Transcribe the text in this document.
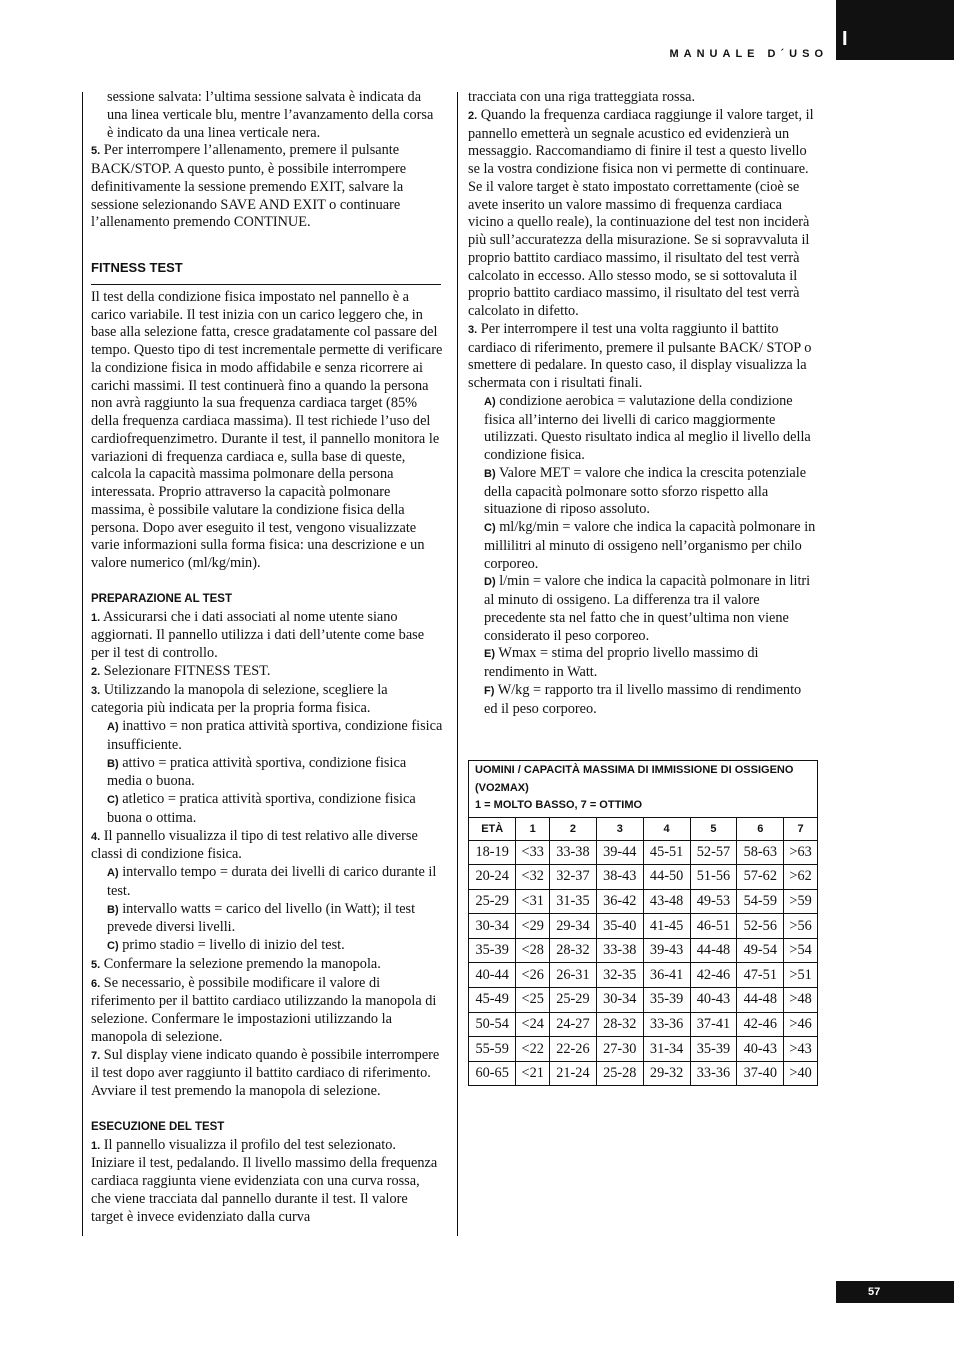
I
MANUALE D´USO

sessione salvata: l’ultima sessione salvata è indicata da una linea verticale blu, mentre l’avanzamento della corsa è indicato da una linea verticale nera.

5. Per interrompere l’allenamento, premere il pulsante BACK/STOP. A questo punto, è possibile interrompere definitivamente la sessione premendo EXIT, salvare la sessione selezionando SAVE AND EXIT o continuare l’allenamento premendo CONTINUE.

FITNESS TEST

Il test della condizione fisica impostato nel pannello è a carico variabile. Il test inizia con un carico leggero che, in base alla selezione fatta, cresce gradatamente col passare del tempo. Questo tipo di test incrementale permette di verificare la condizione fisica in modo affidabile e senza ricorrere ai carichi massimi. Il test continuerà fino a quando la persona non avrà raggiunto la sua frequenza cardiaca target (85% della frequenza cardiaca massima). Il test richiede l’uso del cardiofrequenzimetro. Durante il test, il pannello monitora le variazioni di frequenza cardiaca e, sulla base di queste, calcola la capacità massima polmonare della persona interessata. Proprio attraverso la capacità polmonare massima, è possibile valutare la condizione fisica della persona. Dopo aver eseguito il test, vengono visualizzate varie informazioni sulla forma fisica: una descrizione e un valore numerico (ml/kg/min).

PREPARAZIONE AL TEST

1. Assicurarsi che i dati associati al nome utente siano aggiornati. Il pannello utilizza i dati dell’utente come base per il test di controllo.

2. Selezionare FITNESS TEST.

3. Utilizzando la manopola di selezione, scegliere la categoria più indicata per la propria forma fisica.

A) inattivo = non pratica attività sportiva, condizione fisica insufficiente.

B) attivo = pratica attività sportiva, condizione fisica media o buona.

C) atletico = pratica attività sportiva, condizione fisica buona o ottima.

4. Il pannello visualizza il tipo di test relativo alle diverse classi di condizione fisica.

A) intervallo tempo = durata dei livelli di carico durante il test.

B) intervallo watts = carico del livello (in Watt); il test prevede diversi livelli.

C) primo stadio = livello di inizio del test.

5. Confermare la selezione premendo la manopola.

6. Se necessario, è possibile modificare il valore di riferimento per il battito cardiaco utilizzando la manopola di selezione. Confermare le impostazioni utilizzando la manopola di selezione.

7. Sul display viene indicato quando è possibile interrompere il test dopo aver raggiunto il battito cardiaco di riferimento. Avviare il test premendo la manopola di selezione.

ESECUZIONE DEL TEST

1. Il pannello visualizza il profilo del test selezionato. Iniziare il test, pedalando. Il livello massimo della frequenza cardiaca raggiunta viene evidenziata con una curva rossa, che viene tracciata dal pannello durante il test. Il valore target è invece evidenziato dalla curva

tracciata con una riga tratteggiata rossa.

2. Quando la frequenza cardiaca raggiunge il valore target, il pannello emetterà un segnale acustico ed evidenzierà un messaggio. Raccomandiamo di finire il test a questo livello se la vostra condizione fisica non vi permette di continuare. Se il valore target è stato impostato correttamente (cioè se avete inserito un valore massimo di frequenza cardiaca vicino a quello reale), la continuazione del test non inciderà più sull’accuratezza della misurazione. Se si sopravvaluta il proprio battito cardiaco massimo, il risultato del test verrà calcolato in eccesso. Allo stesso modo, se si sottovaluta il proprio battito cardiaco massimo, il risultato del test verrà calcolato in difetto.

3. Per interrompere il test una volta raggiunto il battito cardiaco di riferimento, premere il pulsante BACK/ STOP o smettere di pedalare. In questo caso, il display visualizza la schermata con i risultati finali.

A) condizione aerobica = valutazione della condizione fisica all’interno dei livelli di carico maggiormente utilizzati. Questo risultato indica al meglio il livello della condizione fisica.

B) Valore MET = valore che indica la crescita potenziale della capacità polmonare sotto sforzo rispetto alla situazione di riposo assoluto.

C) ml/kg/min = valore che indica la capacità polmonare in millilitri al minuto di ossigeno nell’organismo per chilo corporeo.

D) l/min = valore che indica la capacità polmonare in litri al minuto di ossigeno. La differenza tra il valore precedente sta nel fatto che in quest’ultima non viene considerato il peso corporeo.

E) Wmax = stima del proprio livello massimo di rendimento in Watt.

F) W/kg = rapporto tra il livello massimo di rendimento ed il peso corporeo.

UOMINI / CAPACITÀ MASSIMA DI IMMISSIONE DI OSSIGENO (VO2MAX)
1 = MOLTO BASSO, 7 = OTTIMO							
ETÀ	1	2	3	4	5	6	7
18-19	<33	33-38	39-44	45-51	52-57	58-63	>63
20-24	<32	32-37	38-43	44-50	51-56	57-62	>62
25-29	<31	31-35	36-42	43-48	49-53	54-59	>59
30-34	<29	29-34	35-40	41-45	46-51	52-56	>56
35-39	<28	28-32	33-38	39-43	44-48	49-54	>54
40-44	<26	26-31	32-35	36-41	42-46	47-51	>51
45-49	<25	25-29	30-34	35-39	40-43	44-48	>48
50-54	<24	24-27	28-32	33-36	37-41	42-46	>46
55-59	<22	22-26	27-30	31-34	35-39	40-43	>43
60-65	<21	21-24	25-28	29-32	33-36	37-40	>40
57
